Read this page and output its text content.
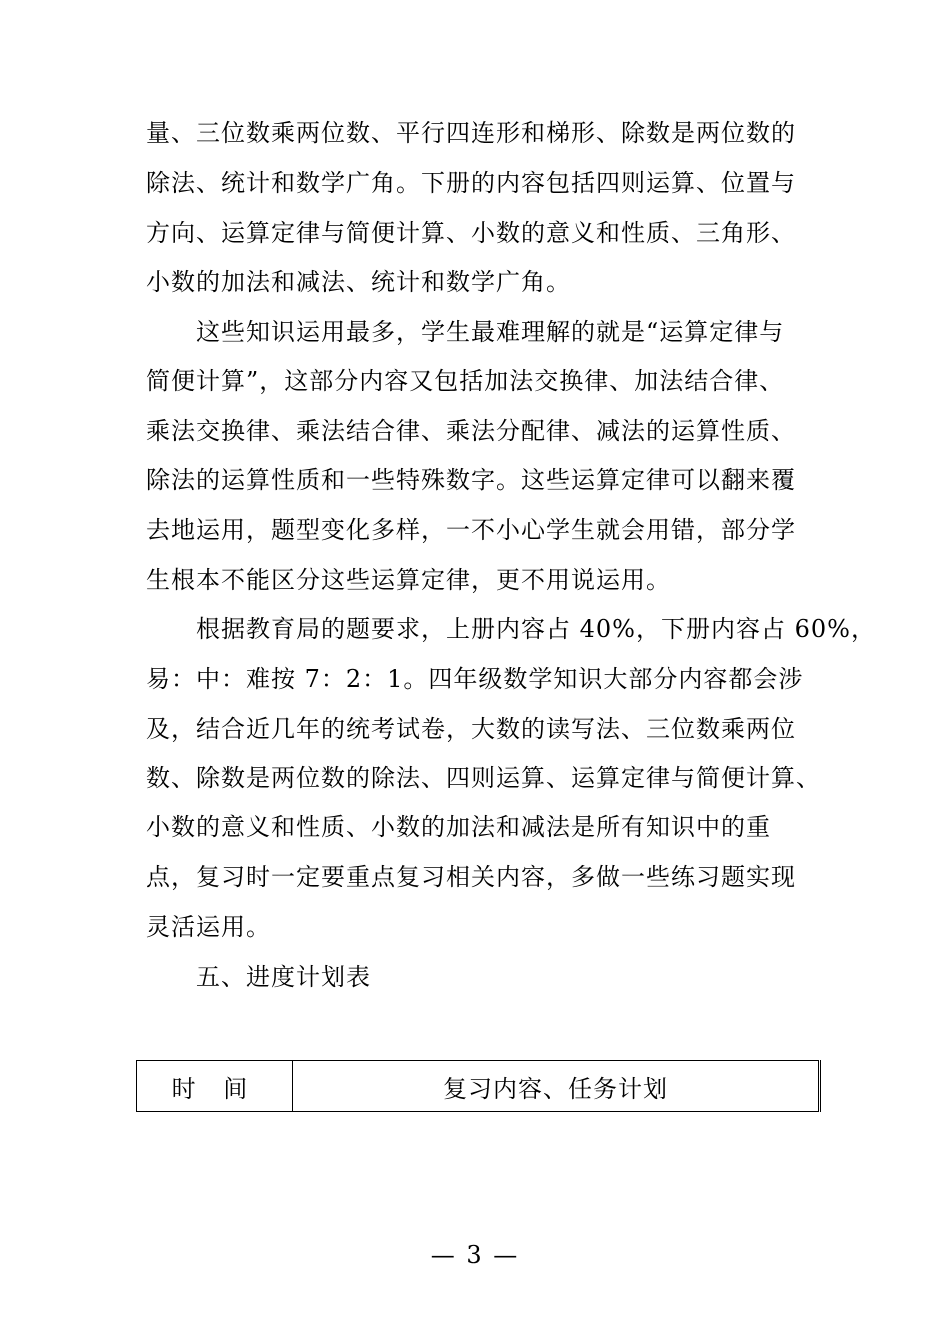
量、三位数乘两位数、平行四连形和梯形、除数是两位数的
除法、统计和数学广角。下册的内容包括四则运算、位置与
方向、运算定律与简便计算、小数的意义和性质、三角形、
小数的加法和减法、统计和数学广角。
这些知识运用最多，学生最难理解的就是“运算定律与
简便计算”，这部分内容又包括加法交换律、加法结合律、
乘法交换律、乘法结合律、乘法分配律、减法的运算性质、
除法的运算性质和一些特殊数字。这些运算定律可以翻来覆
去地运用，题型变化多样，一不小心学生就会用错，部分学
生根本不能区分这些运算定律，更不用说运用。
根据教育局的题要求，上册内容占 40%，下册内容占 60%，
易：中：难按 7：2：1。四年级数学知识大部分内容都会涉
及，结合近几年的统考试卷，大数的读写法、三位数乘两位
数、除数是两位数的除法、四则运算、运算定律与简便计算、
小数的意义和性质、小数的加法和减法是所有知识中的重
点，复习时一定要重点复习相关内容，多做一些练习题实现
灵活运用。
五、进度计划表
时 间	复习内容、任务计划
— 3 —
